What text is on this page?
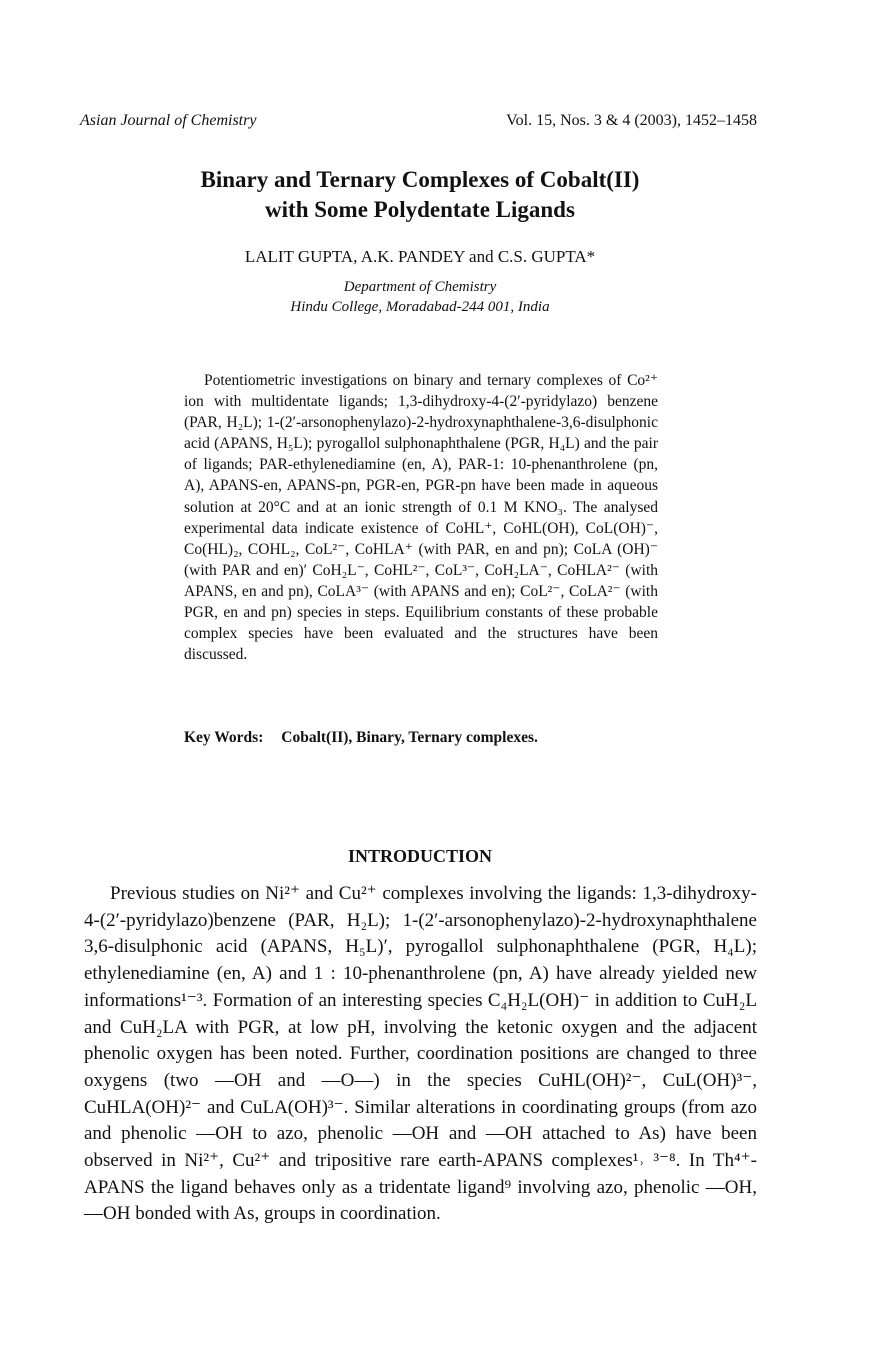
Asian Journal of Chemistry	Vol. 15, Nos. 3 & 4 (2003), 1452–1458
Binary and Ternary Complexes of Cobalt(II)
with Some Polydentate Ligands
LALIT GUPTA, A.K. PANDEY and C.S. GUPTA*
Department of Chemistry
Hindu College, Moradabad-244 001, India

Potentiometric investigations on binary and ternary complexes of Co²⁺ ion with multidentate ligands; 1,3-dihydroxy-4-(2′-pyridylazo) benzene (PAR, H₂L); 1-(2′-arsonophenylazo)-2-hydroxynaphthalene-3,6-disulphonic acid (APANS, H₅L); pyrogallol sulphonaphthalene (PGR, H₄L) and the pair of ligands; PAR-ethylenediamine (en, A), PAR-1: 10-phenanthrolene (pn, A), APANS-en, APANS-pn, PGR-en, PGR-pn have been made in aqueous solution at 20°C and at an ionic strength of 0.1 M KNO₃. The analysed experimental data indicate existence of CoHL⁺, CoHL(OH), CoL(OH)⁻, Co(HL)₂, COHL₂, CoL²⁻, CoHLA⁺ (with PAR, en and pn); CoLA (OH)⁻ (with PAR and en)′ CoH₂L⁻, CoHL²⁻, CoL³⁻, CoH₂LA⁻, CoHLA²⁻ (with APANS, en and pn), CoLA³⁻ (with APANS and en); CoL²⁻, CoLA²⁻ (with PGR, en and pn) species in steps. Equilibrium constants of these probable complex species have been evaluated and the structures have been discussed.

Key Words: Cobalt(II), Binary, Ternary complexes.
INTRODUCTION

Previous studies on Ni²⁺ and Cu²⁺ complexes involving the ligands: 1,3-dihydroxy-4-(2′-pyridylazo)benzene (PAR, H₂L); 1-(2′-arsonophenylazo)-2-hydroxynaphthalene 3,6-disulphonic acid (APANS, H₅L)′, pyrogallol sulphonaphthalene (PGR, H₄L); ethylenediamine (en, A) and 1 : 10-phenanthrolene (pn, A) have already yielded new informations¹⁻³. Formation of an interesting species C₄H₂L(OH)⁻ in addition to CuH₂L and CuH₂LA with PGR, at low pH, involving the ketonic oxygen and the adjacent phenolic oxygen has been noted. Further, coordination positions are changed to three oxygens (two —OH and —O—) in the species CuHL(OH)²⁻, CuL(OH)³⁻, CuHLA(OH)²⁻ and CuLA(OH)³⁻. Similar alterations in coordinating groups (from azo and phenolic —OH to azo, phenolic —OH and —OH attached to As) have been observed in Ni²⁺, Cu²⁺ and tripositive rare earth-APANS complexes¹˒ ³⁻⁸. In Th⁴⁺-APANS the ligand behaves only as a tridentate ligand⁹ involving azo, phenolic —OH, —OH bonded with As, groups in coordination.
